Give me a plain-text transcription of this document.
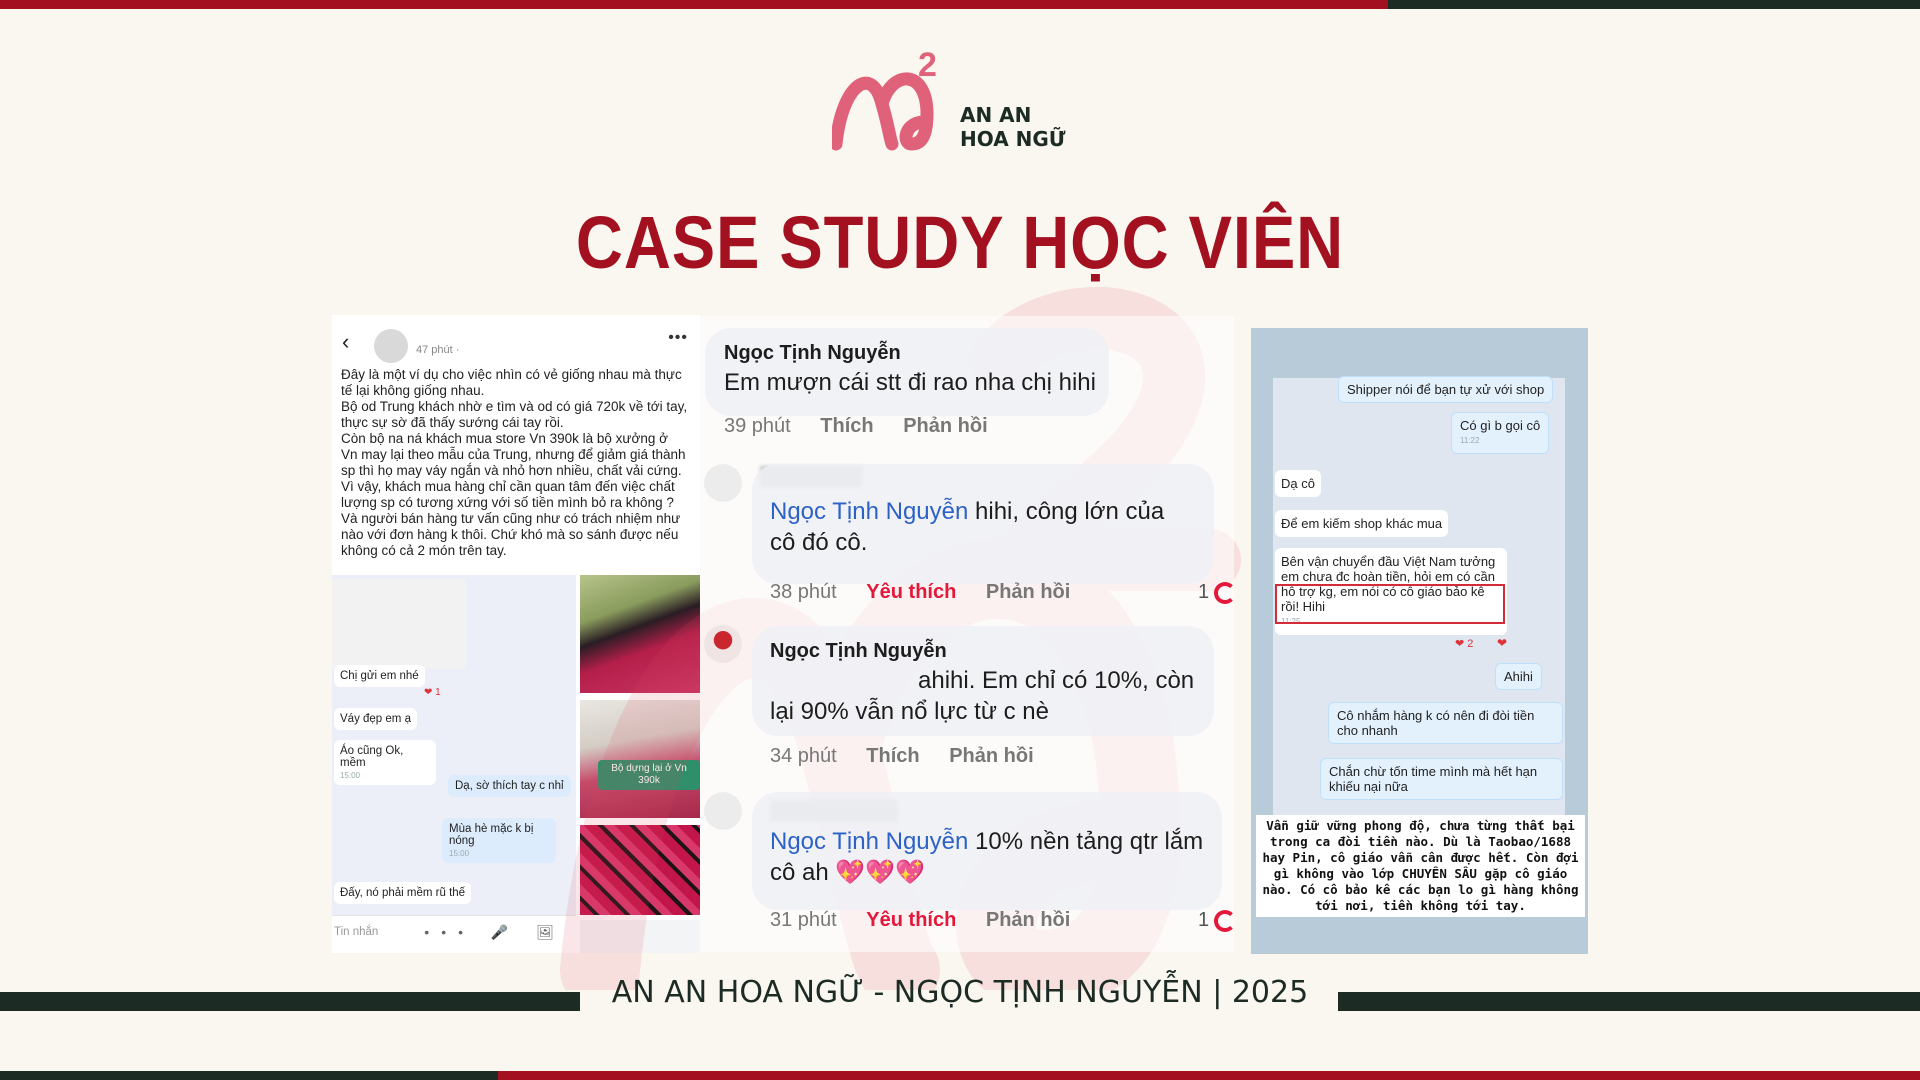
2
AN AN
HOA NGỮ
CASE STUDY HỌC VIÊN
‹	47 phút ·
•••
Đây là một ví dụ cho việc nhìn có vẻ giống nhau mà thực tế lại không giống nhau.
Bộ od Trung khách nhờ e tìm và od có giá 720k về tới tay, thực sự sờ đã thấy sướng cái tay rồi.
Còn bộ na ná khách mua store Vn 390k là bộ xưởng ở Vn may lại theo mẫu của Trung, nhưng để giảm giá thành sp thì họ may váy ngắn và nhỏ hơn nhiều, chất vải cứng.
Vì vậy, khách mua hàng chỉ cần quan tâm đến việc chất lượng sp có tương xứng với số tiền mình bỏ ra không ?
Và người bán hàng tư vấn cũng như có trách nhiệm như nào với đơn hàng k thôi. Chứ khó mà so sánh được nếu không có cả 2 món trên tay.
Chị gửi em nhé
❤ 1
Váy đẹp em ạ
Áo cũng Ok, mềm
15:00
Dạ, sờ thích tay c nhỉ
Mùa hè mặc k bị nóng
15:00
Đấy, nó phải mềm rũ thế
Tin nhắn	••• 🎤 🖼
Bộ dựng lại ở Vn 390k
Ngọc Tịnh Nguyễn
Em mượn cái stt đi rao nha chị hihi
39 phút Thích Phản hồi
Ngọc Tịnh Nguyễn hihi, công lớn của cô đó cô.
38 phút Yêu thích Phản hồi	1
Ngọc Tịnh Nguyễn
ahihi. Em chỉ có 10%, còn lại 90% vẫn nổ lực từ c nè
34 phút Thích Phản hồi
Ngọc Tịnh Nguyễn 10% nền tảng qtr lắm cô ah 💖💖💖
31 phút Yêu thích Phản hồi	1
Shipper nói để bạn tự xử với shop
Có gì b gọi cô
11:22
Dạ cô
Để em kiếm shop khác mua
Bên vận chuyển đầu Việt Nam tưởng em chưa đc hoàn tiền, hỏi em có cần hỗ trợ kg, em nói có cô giáo bảo kê rồi! Hihi
11:25
❤ 2 ❤
Ahihi
Cô nhắm hàng k có nên đi đòi tiền cho nhanh
Chắn chừ tốn time mình mà hết hạn khiếu nại nữa
Vẫn giữ vững phong độ, chưa từng thất bại trong ca đòi tiền nào. Dù là Taobao/1688 hay Pin, cô giáo vẫn cân được hết. Còn đợi gì không vào lớp CHUYÊN SÂU gặp cô giáo nào. Có cô bảo kê các bạn lo gì hàng không tới nơi, tiền không tới tay.
AN AN HOA NGỮ - NGỌC TỊNH NGUYỄN | 2025
